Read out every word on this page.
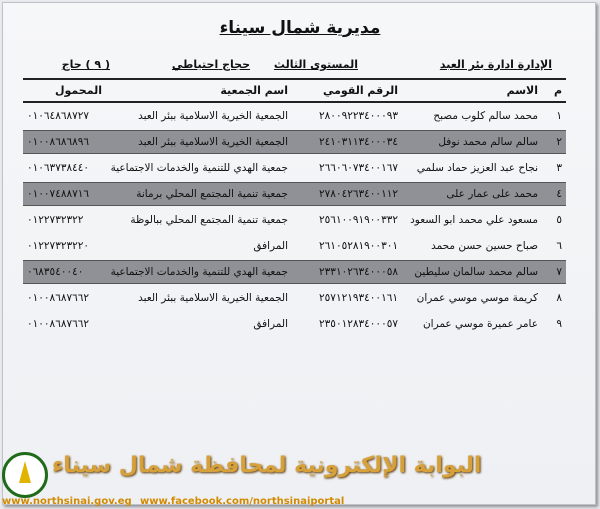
مديرية شمال سيناء
الإدارة ادارة بئر العبد
المستوى الثالث
حجاج احتياطي
( ٩ ) حاج
م
الاسم
الرقم القومي
اسم الجمعية
المحمول
١
محمد سالم كلوب مصبح
٢٨٠٠٩٢٢٣٤٠٠٠٩٣
الجمعية الخيرية الاسلامية ببئر العبد
٠١٠٦٤٨٦٨٧٢٧
٢
سالم سالم محمد نوفل
٢٤١٠٣١١٣٤٠٠٠٣٤
الجمعية الخيرية الاسلامية ببئر العبد
٠١٠٠٨٦٨٦٨٩٦
٣
نجاح عبد العزيز حماد سلمي
٢٦٦٠٦٠٧٣٤٠٠١٦٧
جمعية الهدي للتنمية والخدمات الاجتماعية
٠١٠٦٣٧٣٨٤٤٠
٤
محمد على عمار على
٢٧٨٠٤٢٦٣٤٠٠١١٢
جمعية تنمية المجتمع المحلي برمانة
٠١٠٠٧٤٨٨٧١٦
٥
مسعود علي محمد ابو السعود
٢٥٦١٠٠٩١٩٠٠٣٣٢
جمعية تنمية المجتمع المحلي ببالوظة
٠١٢٢٧٣٢٣٢٢
٦
صباح حسين حسن محمد
٢٦١٠٥٢٨١٩٠٠٣٠١
المرافق
٠١٢٢٧٣٢٣٢٢٠
٧
سالم محمد سالمان سليطين
٢٣٣١٠٢٦٣٤٠٠٠٥٨
جمعية الهدي للتنمية والخدمات الاجتماعية
٠٦٨٣٥٤٠٠٤٠
٨
كريمة موسي موسي عمران
٢٥٧١٢١٩٣٤٠٠١٦١
الجمعية الخيرية الاسلامية ببئر العبد
٠١٠٠٨٦٨٧٦٦٢
٩
عامر عميرة موسي عمران
٢٣٥٠١٢٨٣٤٠٠٠٥٧
المرافق
٠١٠٠٨٦٨٧٦٦٢
البوابة الإلكترونية لمحافظة شمال سيناء
www.northsinai.gov.eg www.facebook.com/northsinaiportal
